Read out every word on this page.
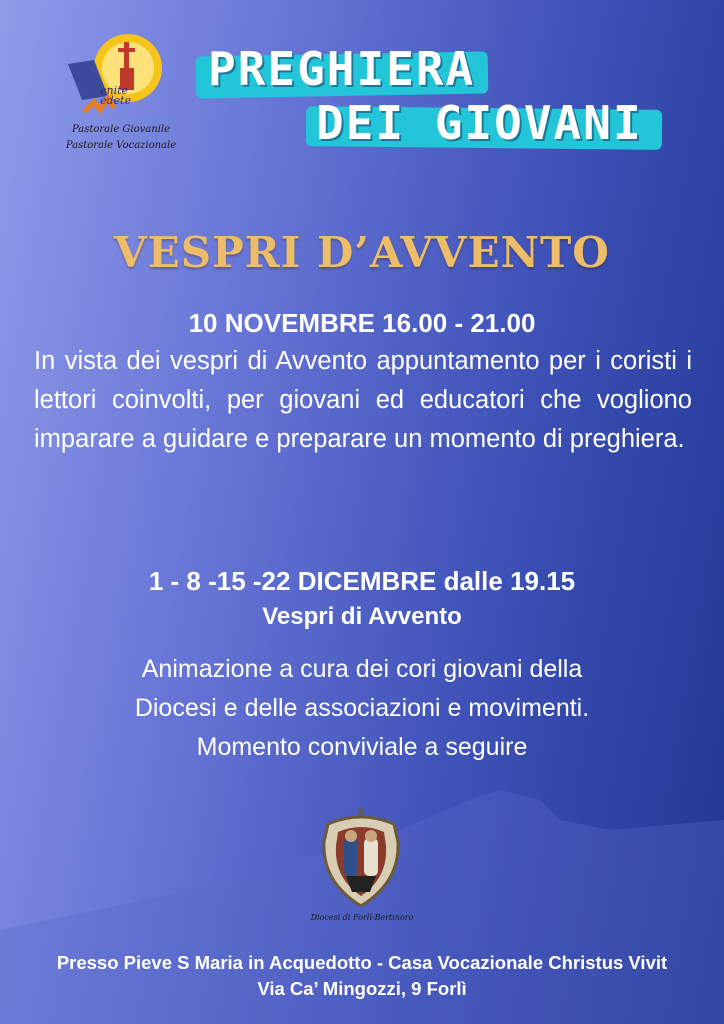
enite
edete
Pastorale Giovanile
Pastorale Vocazionale
PREGHIERA
DEI GIOVANI
VESPRI D’AVVENTO
10 NOVEMBRE 16.00 - 21.00
In vista dei vespri di Avvento appuntamento per i coristi i lettori coinvolti, per giovani ed educatori che vogliono imparare a guidare e preparare un momento di preghiera.
1 - 8 -15 -22 DICEMBRE dalle 19.15
Vespri di Avvento
Animazione a cura dei cori giovani della
Diocesi e delle associazioni e movimenti.
Momento conviviale a seguire
Diocesi di Forlì-Bertinoro
Presso Pieve S Maria in Acquedotto - Casa Vocazionale Christus Vivit
Via Ca’ Mingozzi, 9 Forlì
